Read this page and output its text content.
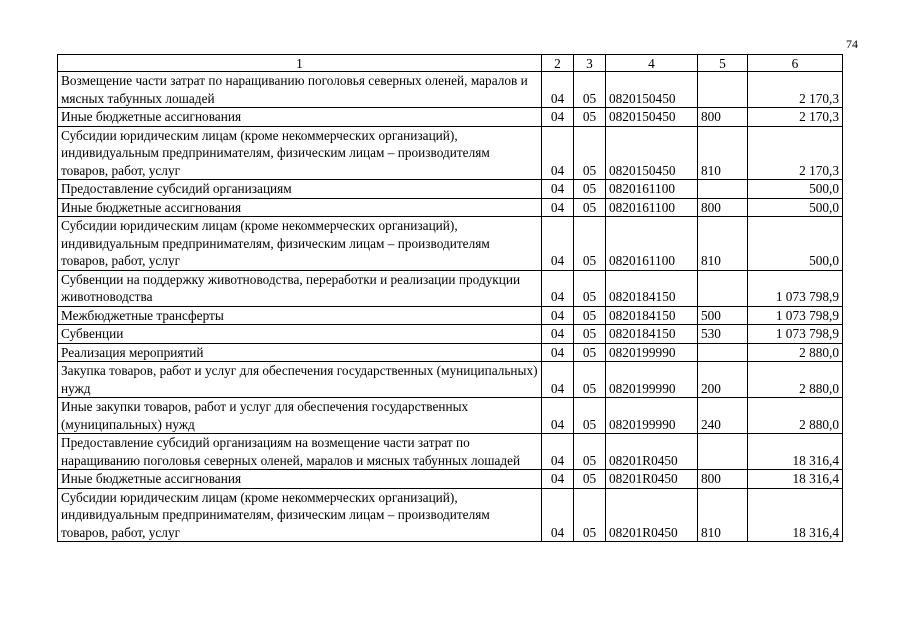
74
1	2	3	4	5	6
Возмещение части затрат по наращиванию поголовья северных оленей, маралов и мясных табунных лошадей	04	05	0820150450		2 170,3
Иные бюджетные ассигнования	04	05	0820150450	800	2 170,3
Субсидии юридическим лицам (кроме некоммерческих организаций), индивидуальным предпринимателям, физическим лицам – производителям товаров, работ, услуг	04	05	0820150450	810	2 170,3
Предоставление субсидий организациям	04	05	0820161100		500,0
Иные бюджетные ассигнования	04	05	0820161100	800	500,0
Субсидии юридическим лицам (кроме некоммерческих организаций), индивидуальным предпринимателям, физическим лицам – производителям товаров, работ, услуг	04	05	0820161100	810	500,0
Субвенции на поддержку животноводства, переработки и реализации продукции животноводства	04	05	0820184150		1 073 798,9
Межбюджетные трансферты	04	05	0820184150	500	1 073 798,9
Субвенции	04	05	0820184150	530	1 073 798,9
Реализация мероприятий	04	05	0820199990		2 880,0
Закупка товаров, работ и услуг для обеспечения государственных (муниципальных) нужд	04	05	0820199990	200	2 880,0
Иные закупки товаров, работ и услуг для обеспечения государственных (муниципальных) нужд	04	05	0820199990	240	2 880,0
Предоставление субсидий организациям на возмещение части затрат по наращиванию поголовья северных оленей, маралов и мясных табунных лошадей	04	05	08201R0450		18 316,4
Иные бюджетные ассигнования	04	05	08201R0450	800	18 316,4
Субсидии юридическим лицам (кроме некоммерческих организаций), индивидуальным предпринимателям, физическим лицам – производителям товаров, работ, услуг	04	05	08201R0450	810	18 316,4
